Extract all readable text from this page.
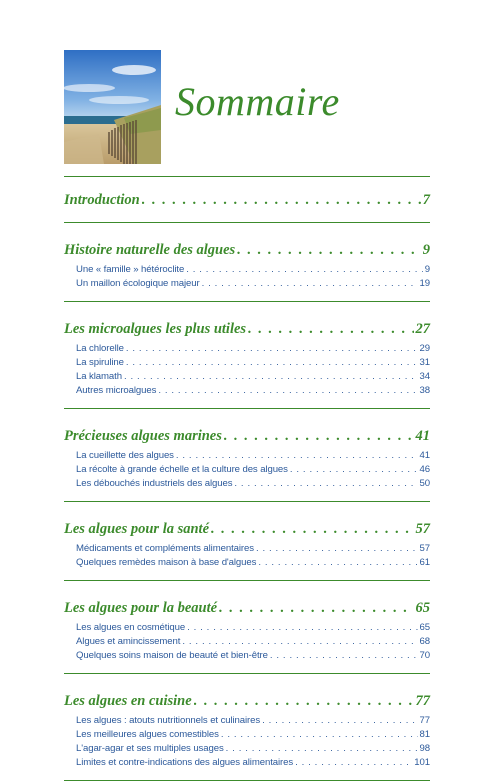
Sommaire
Introduction . . .	7
Histoire naturelle des algues . . .	9
Une « famille » hétéroclite . . .	9
Un maillon écologique majeur . . .	19
Les microalgues les plus utiles . . .	27
La chlorelle . . .	29
La spiruline . . .	31
La klamath . . .	34
Autres microalgues . . .	38
Précieuses algues marines . . .	41
La cueillette des algues . . .	41
La récolte à grande échelle et la culture des algues . . .	46
Les débouchés industriels des algues . . .	50
Les algues pour la santé . . .	57
Médicaments et compléments alimentaires . . .	57
Quelques remèdes maison à base d'algues . . .	61
Les algues pour la beauté . . .	65
Les algues en cosmétique . . .	65
Algues et amincissement . . .	68
Quelques soins maison de beauté et bien-être . . .	70
Les algues en cuisine . . .	77
Les algues : atouts nutritionnels et culinaires . . .	77
Les meilleures algues comestibles . . .	81
L'agar-agar et ses multiples usages . . .	98
Limites et contre-indications des algues alimentaires . . .	101
